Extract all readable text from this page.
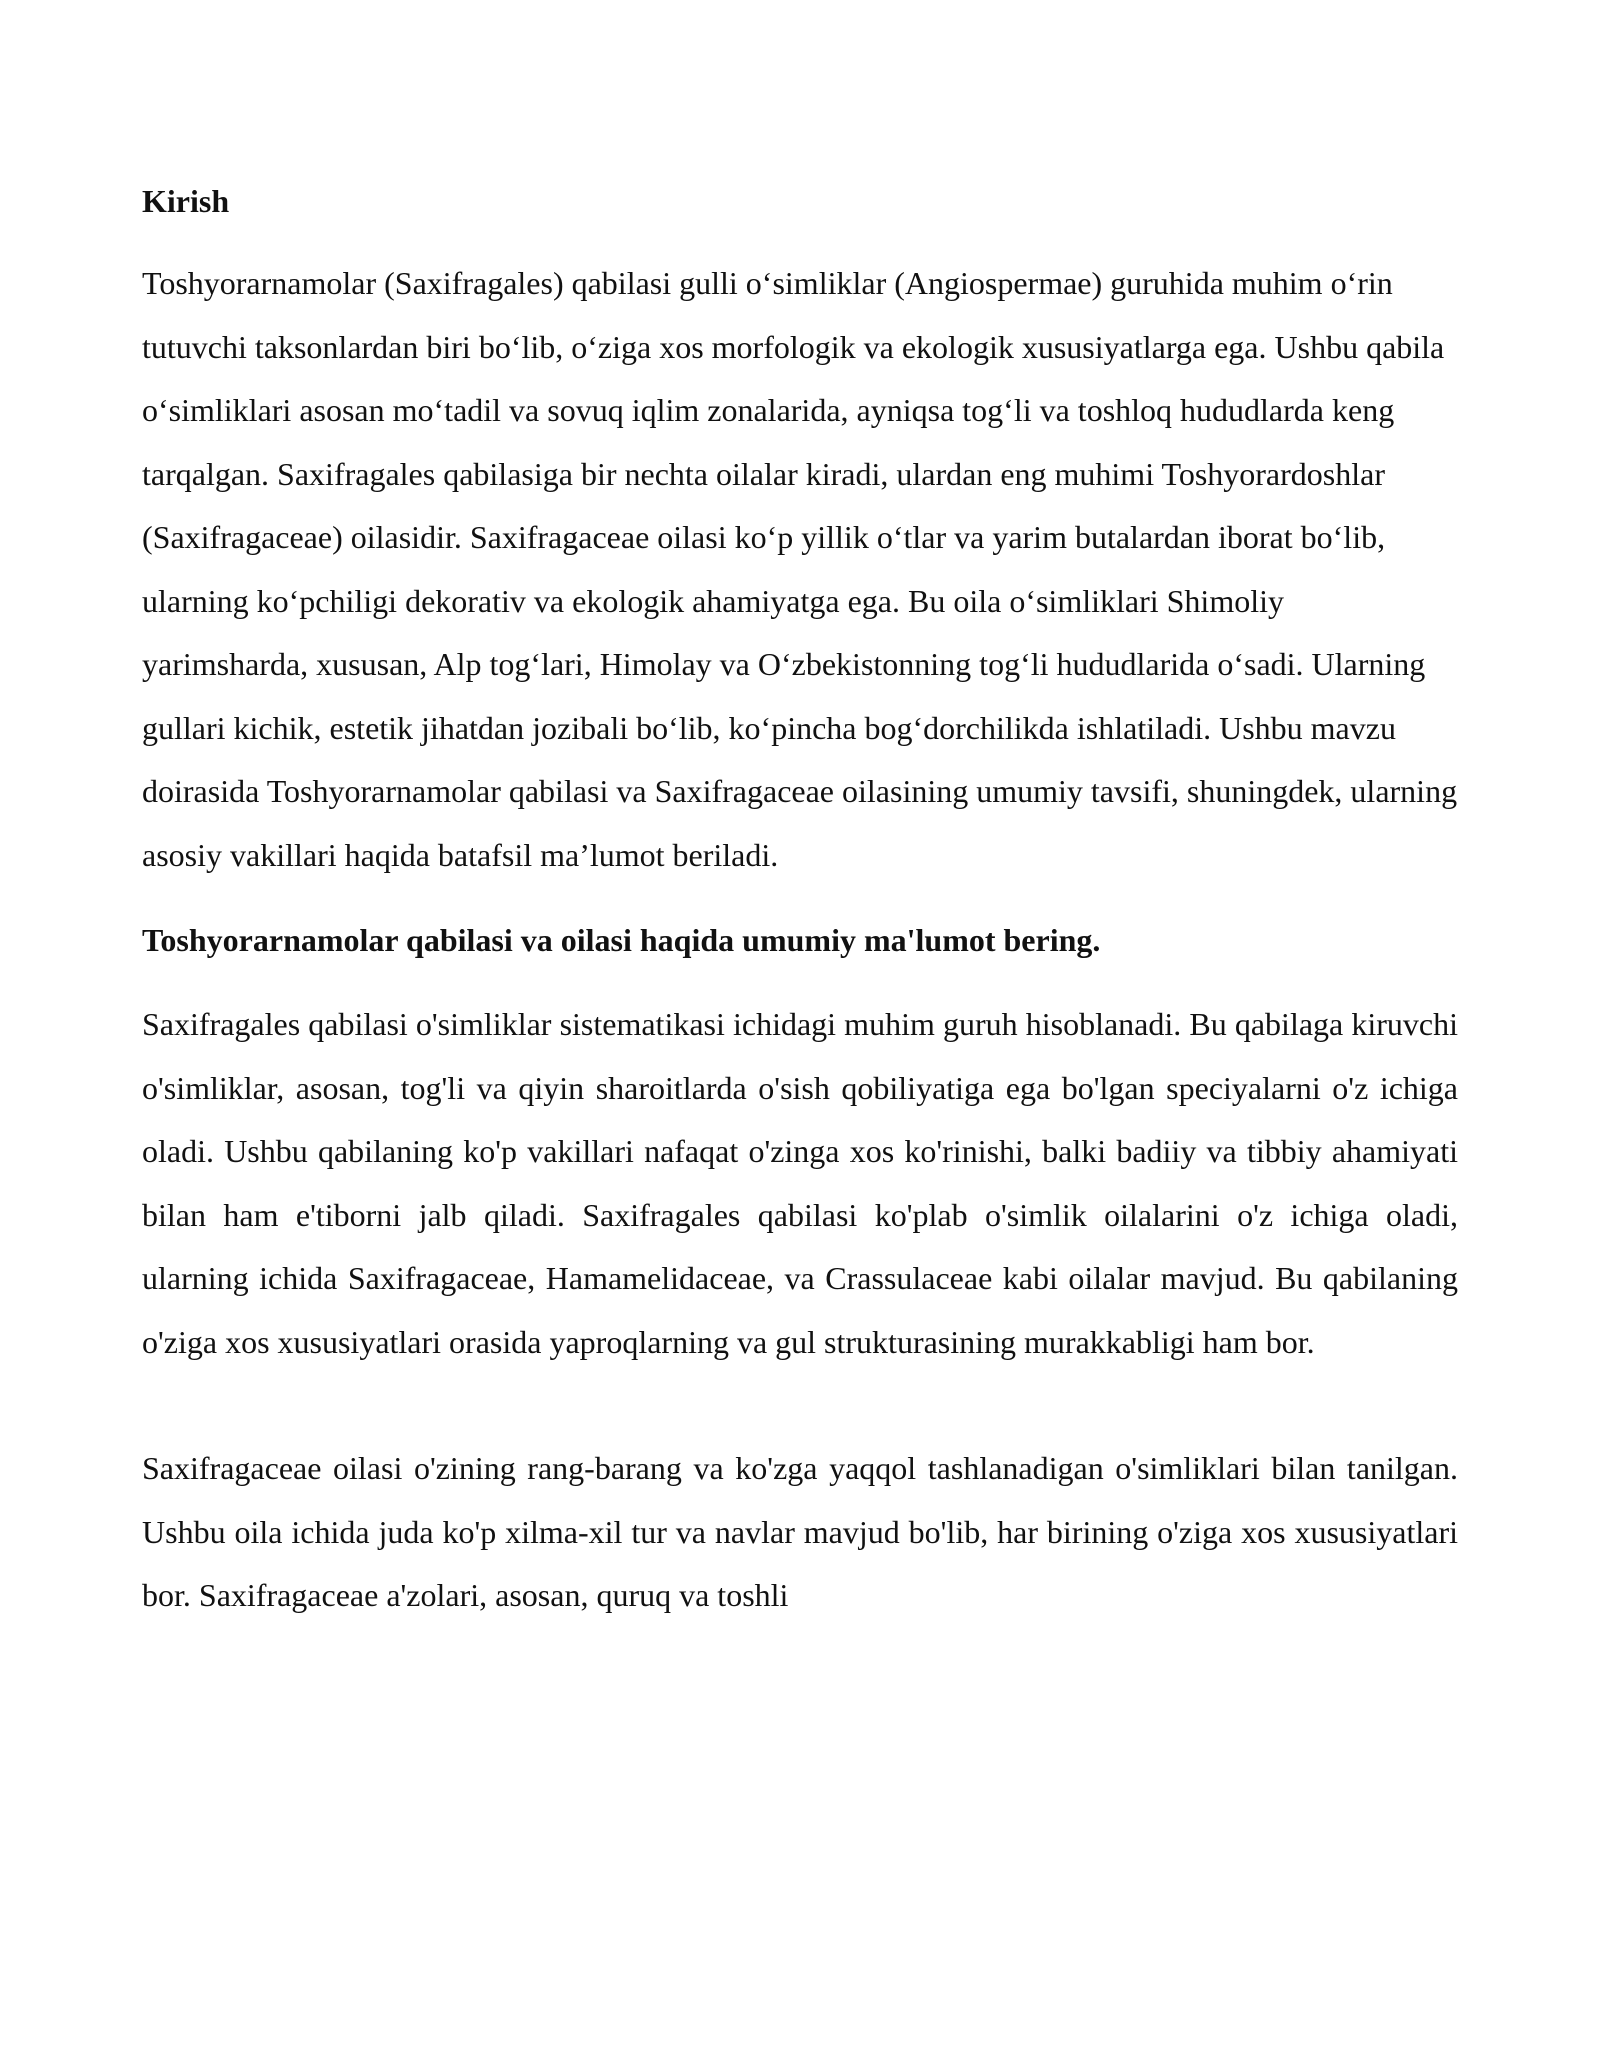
Kirish

Toshyorarnamolar (Saxifragales) qabilasi gulli o‘simliklar (Angiospermae) guruhida muhim o‘rin tutuvchi taksonlardan biri bo‘lib, o‘ziga xos morfologik va ekologik xususiyatlarga ega. Ushbu qabila o‘simliklari asosan mo‘tadil va sovuq iqlim zonalarida, ayniqsa tog‘li va toshloq hududlarda keng tarqalgan. Saxifragales qabilasiga bir nechta oilalar kiradi, ulardan eng muhimi Toshyorardoshlar (Saxifragaceae) oilasidir. Saxifragaceae oilasi ko‘p yillik o‘tlar va yarim butalardan iborat bo‘lib, ularning ko‘pchiligi dekorativ va ekologik ahamiyatga ega. Bu oila o‘simliklari Shimoliy yarimsharda, xususan, Alp tog‘lari, Himolay va O‘zbekistonning tog‘li hududlarida o‘sadi. Ularning gullari kichik, estetik jihatdan jozibali bo‘lib, ko‘pincha bog‘dorchilikda ishlatiladi. Ushbu mavzu doirasida Toshyorarnamolar qabilasi va Saxifragaceae oilasining umumiy tavsifi, shuningdek, ularning asosiy vakillari haqida batafsil ma’lumot beriladi.

Toshyorarnamolar qabilasi va oilasi haqida umumiy ma'lumot bering.

Saxifragales qabilasi o'simliklar sistematikasi ichidagi muhim guruh hisoblanadi. Bu qabilaga kiruvchi o'simliklar, asosan, tog'li va qiyin sharoitlarda o'sish qobiliyatiga ega bo'lgan speciyalarni o'z ichiga oladi. Ushbu qabilaning ko'p vakillari nafaqat o'zinga xos ko'rinishi, balki badiiy va tibbiy ahamiyati bilan ham e'tiborni jalb qiladi. Saxifragales qabilasi ko'plab o'simlik oilalarini o'z ichiga oladi, ularning ichida Saxifragaceae, Hamamelidaceae, va Crassulaceae kabi oilalar mavjud. Bu qabilaning o'ziga xos xususiyatlari orasida yaproqlarning va gul strukturasining murakkabligi ham bor.

Saxifragaceae oilasi o'zining rang-barang va ko'zga yaqqol tashlanadigan o'simliklari bilan tanilgan. Ushbu oila ichida juda ko'p xilma-xil tur va navlar mavjud bo'lib, har birining o'ziga xos xususiyatlari bor. Saxifragaceae a'zolari, asosan, quruq va toshli
